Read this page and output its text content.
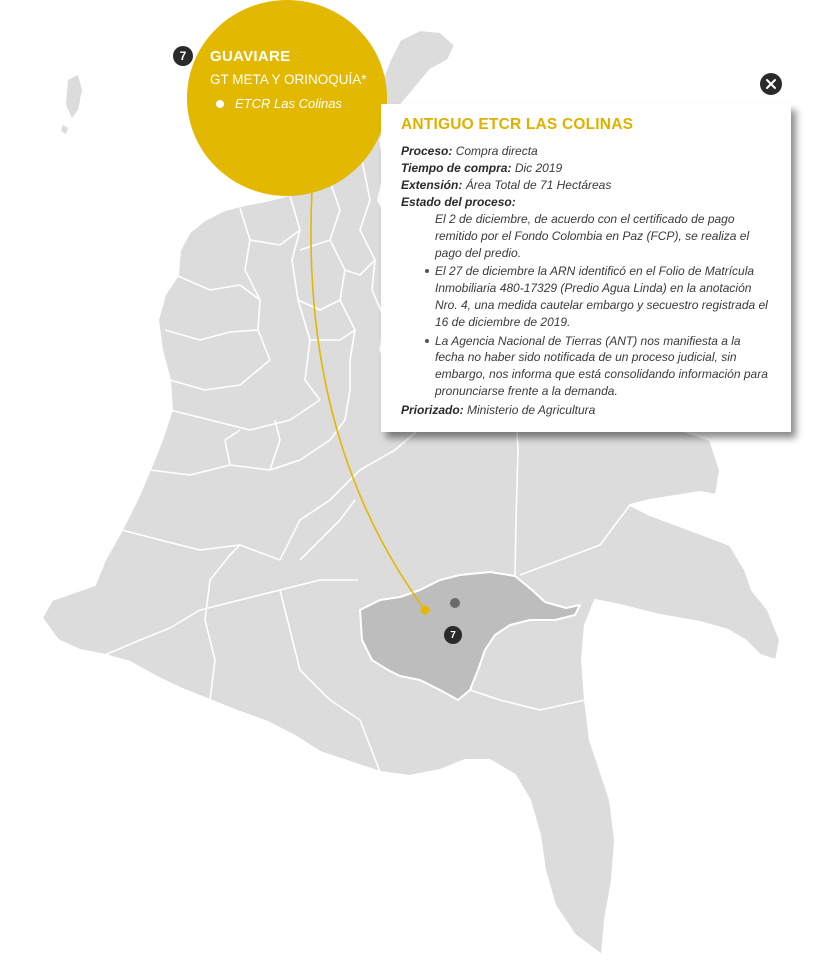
7	GUAVIARE
GT META Y ORINOQUÍA*
ETCR Las Colinas
7
ANTIGUO ETCR LAS COLINAS
Proceso: Compra directa
Tiempo de compra: Dic 2019
Extensión: Área Total de 71 Hectáreas
Estado del proceso:
El 2 de diciembre, de acuerdo con el certificado de pago remitido por el Fondo Colombia en Paz (FCP), se realiza el pago del predio.
El 27 de diciembre la ARN identificó en el Folio de Matrícula Inmobiliaria 480-17329 (Predio Agua Linda) en la anotación Nro. 4, una medida cautelar embargo y secuestro registrada el 16 de diciembre de 2019.
La Agencia Nacional de Tierras (ANT) nos manifiesta a la fecha no haber sido notificada de un proceso judicial, sin embargo, nos informa que está consolidando información para pronunciarse frente a la demanda.
Priorizado: Ministerio de Agricultura
